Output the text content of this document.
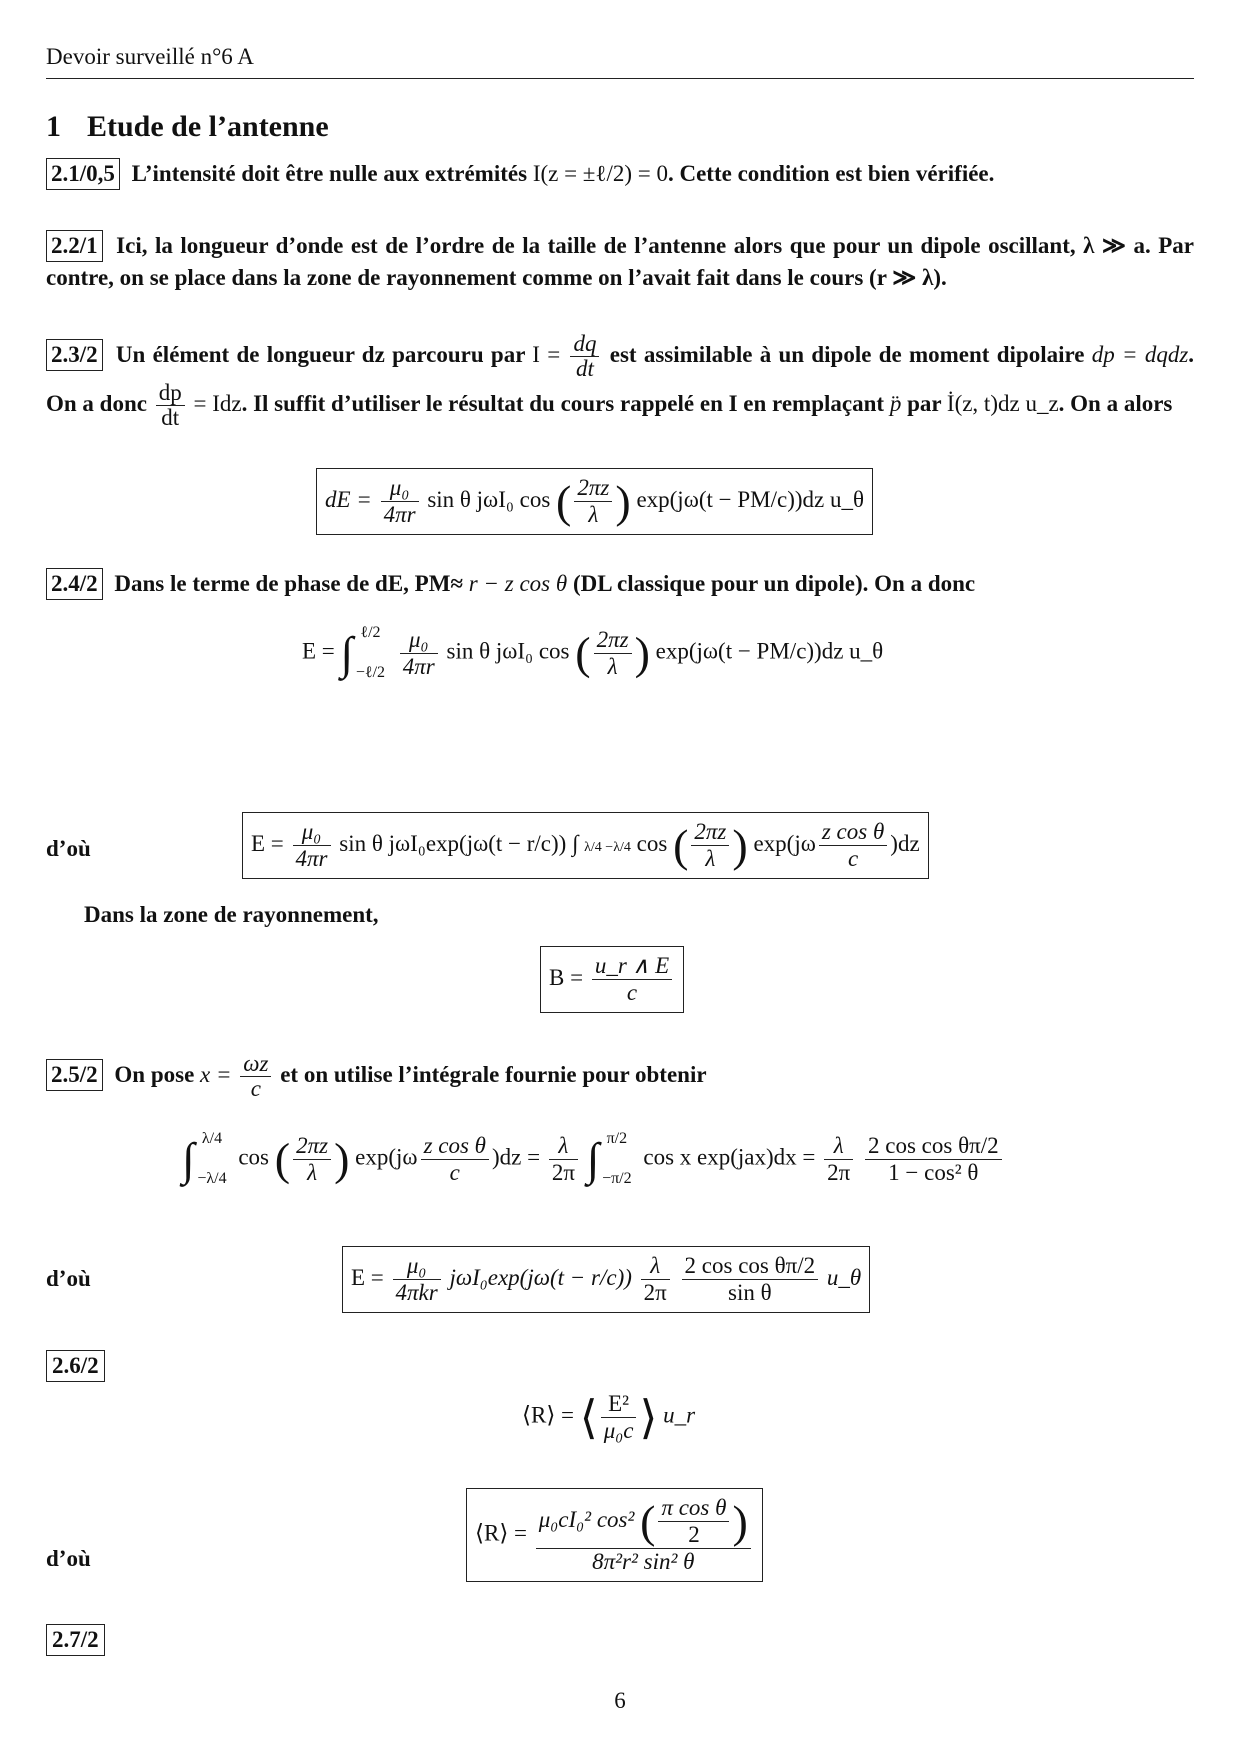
Devoir surveillé n°6 A
1 Etude de l’antenne
2.1/0,5 L’intensité doit être nulle aux extrémités I(z = ±ℓ/2) = 0. Cette condition est bien vérifiée.
2.2/1 Ici, la longueur d’onde est de l’ordre de la taille de l’antenne alors que pour un dipole oscillant, λ ≫ a. Par contre, on se place dans la zone de rayonnement comme on l’avait fait dans le cours (r ≫ λ).
2.3/2 Un élément de longueur dz parcouru par $I = \frac{dq}{dt}$ est assimilable à un dipole de moment dipolaire dp = dqdz. On a donc $\frac{dp}{dt}$ = Idz. Il suffit d’utiliser le résultat du cours rappelé en I en remplaçant p̈ par İ(z, t)dz u_z. On a alors
dE = $\frac{\text{μ₀}}{4\pi r}$ sin θ jωI₀ cos ( $\frac{2\pi z}{\lambda}$ ) exp(jω(t − PM/c))dz u_θ
2.4/2 Dans le terme de phase de dE, PM≈ r − z cos θ (DL classique pour un dipole). On a donc
E = ∫ ℓ/2
−ℓ/2
$\frac{\text{μ₀}}{4\pi r}$ sin θ jωI₀ cos ( $\frac{2\pi z}{\lambda}$ ) exp(jω(t − PM/c))dz u_θ
d’où	$E = \frac{\text{μ₀}}{4\pi r}$ sin θ jωI₀exp(jω(t − r/c)) ∫ λ/4 −λ/4 cos ( $\frac{2\pi z}{\lambda}$ ) $\exp(j\omega \frac{\text{z cos θ}}{c} )dz$
Dans la zone de rayonnement,
$B = \frac{u\_r \wedge E}{c}$
2.5/2 On pose $x = \frac{\omega z}{c}$ et on utilise l’intégrale fournie pour obtenir
∫ λ/4
−λ/4
cos ( $\frac{2\pi z}{\lambda}$ ) $\exp(j\omega \frac{\text{z cos θ}}{c} )dz = \frac{\lambda}{2\pi}$ ∫ π/2
−π/2
cos x $\exp(jax)dx = \frac{\lambda}{2\pi}$
$\frac{\text{2 cos cos θπ/2}}{\text{1 − cos² θ}}$
d’où	$E = \frac{\text{μ₀}}{\text{4πkr}} j\omega I_0\exp(j\omega(t - r/c)) \frac{\lambda}{2\pi}$
$\frac{\text{2 cos cos θπ/2}}{\text{sin θ}}$ u_θ
2.6/2
⟨R⟩ = ⟨ $\frac{\text{E²}}{\text{μ₀c}}$ ⟩ u_r
d’où
⟨R⟩ = $\frac{\mu_0cI_0^2 \cos^2 ( \frac{\text{π cos θ}}{2} )}{\text{8π²r² sin² θ}}$
2.7/2
6
